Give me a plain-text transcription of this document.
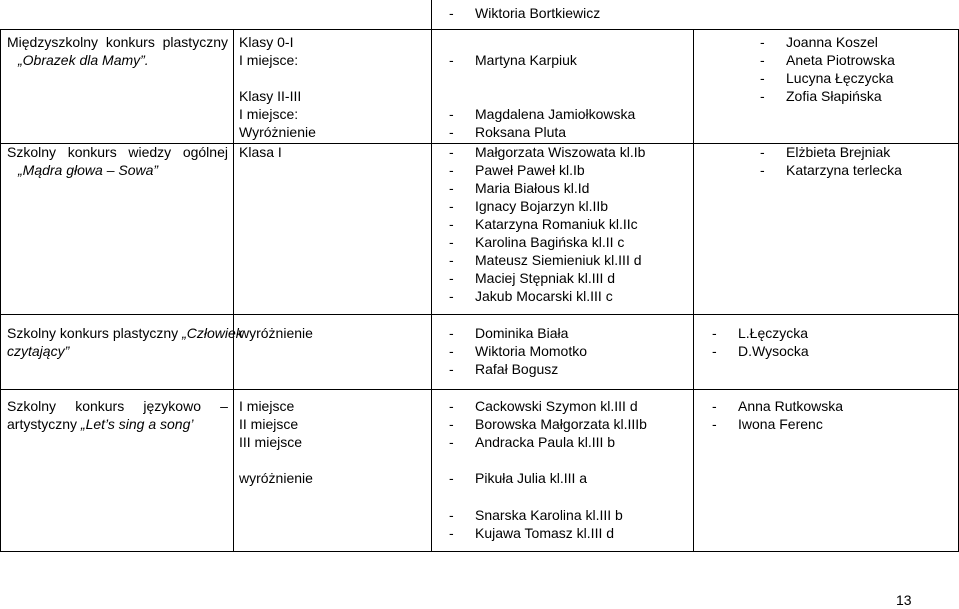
- Wiktoria Bortkiewicz
Międzyszkolny konkurs plastyczny
„Obrazek dla Mamy”.
Klasy 0-I
I miejsce:
Klasy II-III
I miejsce:
Wyróżnienie
- Martyna Karpiuk
- Magdalena Jamiołkowska
- Roksana Pluta
- Joanna Koszel
- Aneta Piotrowska
- Lucyna Łęczycka
- Zofia Słapińska
Szkolny konkurs wiedzy ogólnej
„Mądra głowa – Sowa”
Klasa I	- Małgorzata Wiszowata kl.Ib
- Paweł Paweł kl.Ib
- Maria Białous kl.Id
- Ignacy Bojarzyn kl.IIb
- Katarzyna Romaniuk kl.IIc
- Karolina Bagińska kl.II c
- Mateusz Siemieniuk kl.III d
- Maciej Stępniak kl.III d
- Jakub Mocarski kl.III c
- Elżbieta Brejniak
- Katarzyna terlecka
Szkolny konkurs plastyczny „Człowiek
czytający”
wyróżnienie	- Dominika Biała
- Wiktoria Momotko
- Rafał Bogusz
- L.Łęczycka
- D.Wysocka
Szkolny konkurs językowo –
artystyczny „Let’s sing a song’
I miejsce
II miejsce
III miejsce
wyróżnienie
- Cackowski Szymon kl.III d
- Borowska Małgorzata kl.IIIb
- Andracka Paula kl.III b
- Pikuła Julia kl.III a
- Snarska Karolina kl.III b
- Kujawa Tomasz kl.III d
- Anna Rutkowska
- Iwona Ferenc
13
